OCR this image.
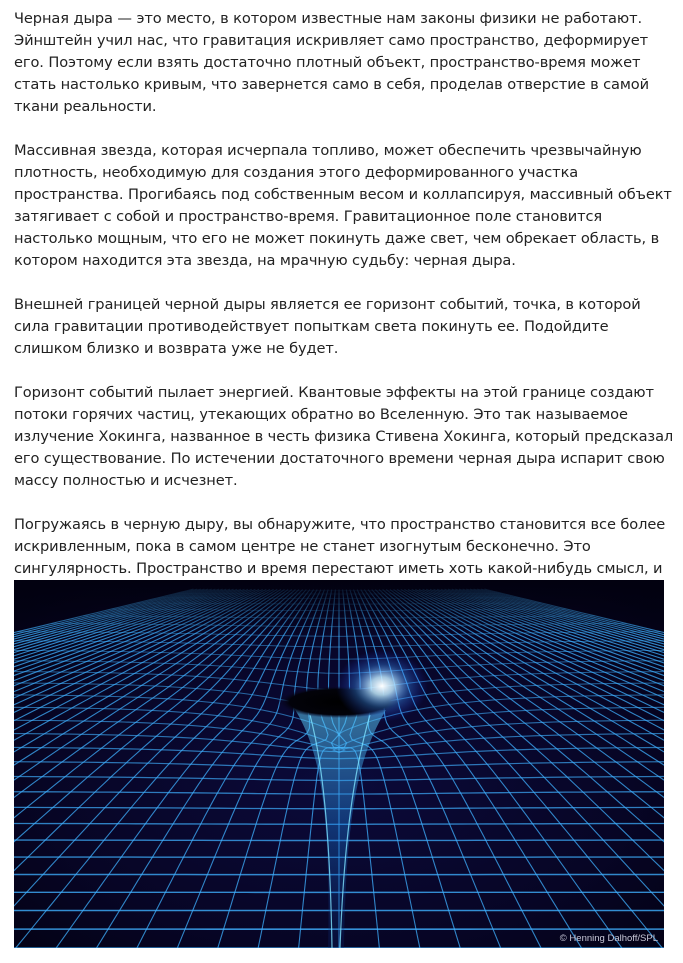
Черная дыра — это место, в котором известные нам законы физики не работают. Эйнштейн учил нас, что гравитация искривляет само пространство, деформирует его. Поэтому если взять достаточно плотный объект, пространство-время может стать настолько кривым, что завернется само в себя, проделав отверстие в самой ткани реальности.

Массивная звезда, которая исчерпала топливо, может обеспечить чрезвычайную плотность, необходимую для создания этого деформированного участка пространства. Прогибаясь под собственным весом и коллапсируя, массивный объект затягивает с собой и пространство-время. Гравитационное поле становится настолько мощным, что его не может покинуть даже свет, чем обрекает область, в котором находится эта звезда, на мрачную судьбу: черная дыра.

Внешней границей черной дыры является ее горизонт событий, точка, в которой сила гравитации противодействует попыткам света покинуть ее. Подойдите слишком близко и возврата уже не будет.

Горизонт событий пылает энергией. Квантовые эффекты на этой границе создают потоки горячих частиц, утекающих обратно во Вселенную. Это так называемое излучение Хокинга, названное в честь физика Стивена Хокинга, который предсказал его существование. По истечении достаточного времени черная дыра испарит свою массу полностью и исчезнет.

Погружаясь в черную дыру, вы обнаружите, что пространство становится все более искривленным, пока в самом центре не станет изогнутым бесконечно. Это сингулярность. Пространство и время перестают иметь хоть какой-нибудь смысл, и

© Henning Dalhoff/SPL
